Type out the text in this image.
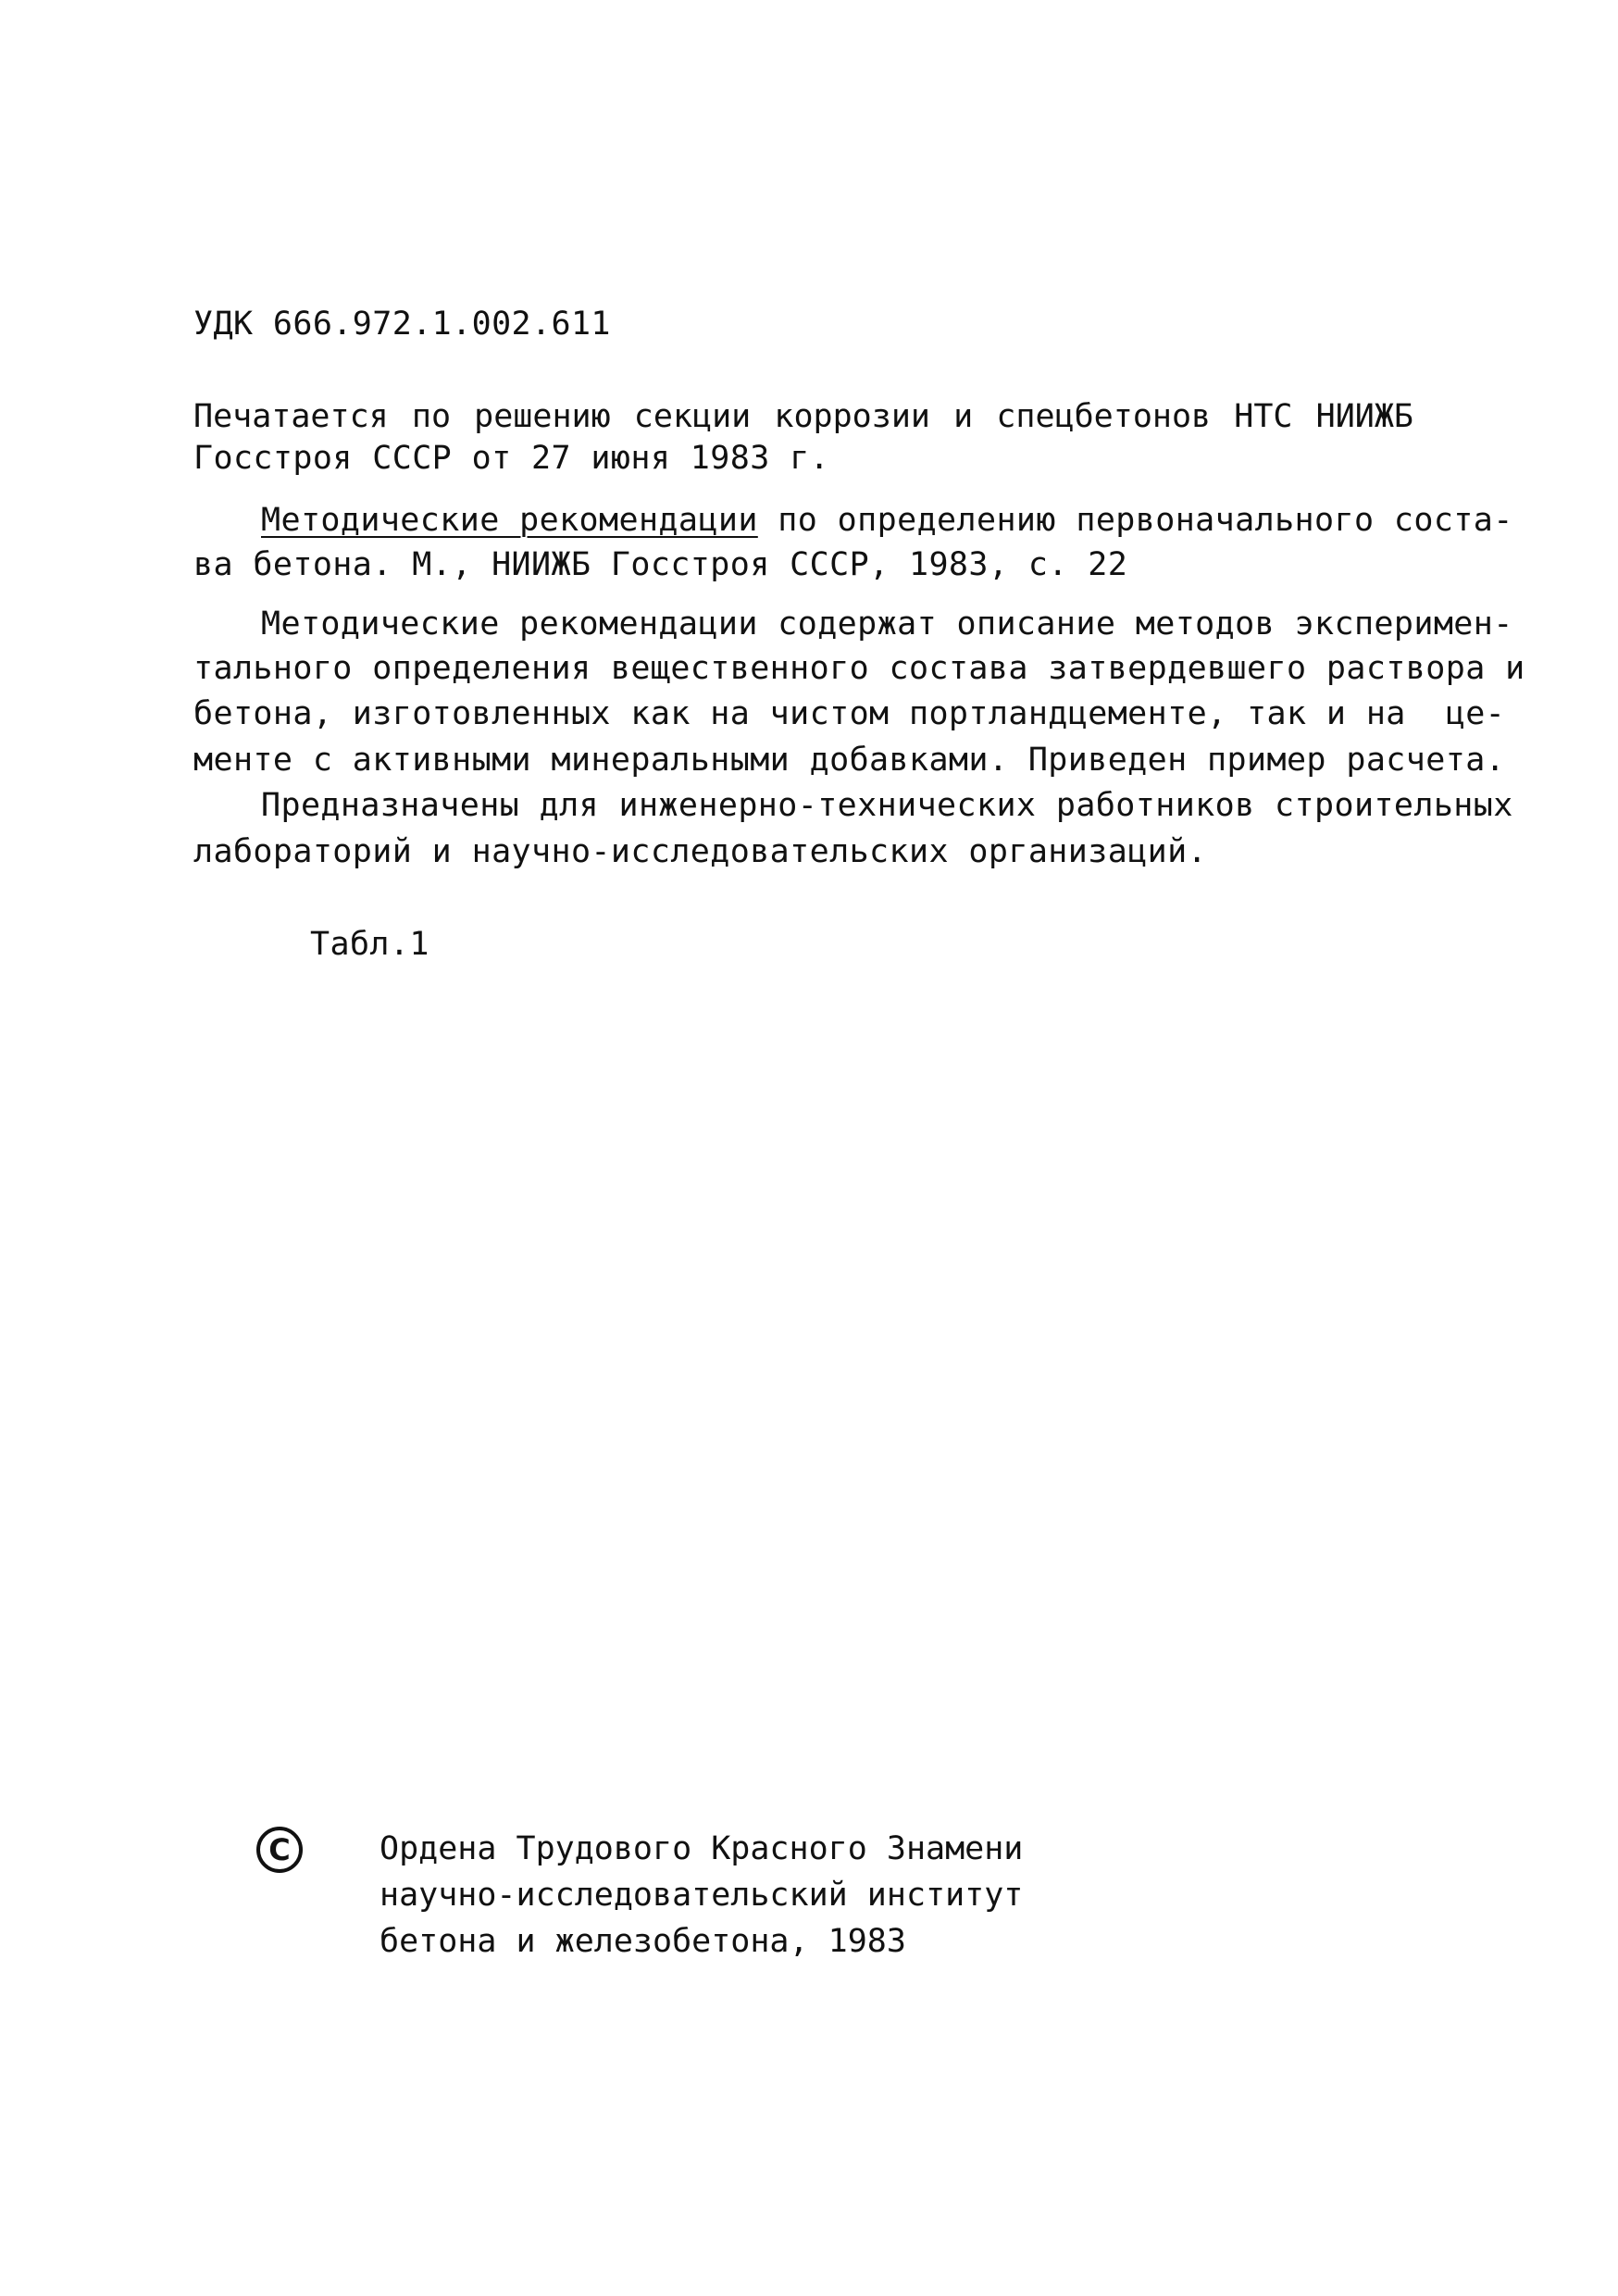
УДК 666.972.1.002.611
Печатается по решению секции коррозии и спецбетонов НТС НИИЖБ
Госстроя СССР от 27 июня 1983 г.
Методические рекомендации по определению первоначального соста-
ва бетона. М., НИИЖБ Госстроя СССР, 1983, с. 22
Методические рекомендации содержат описание методов эксперимен-
тального определения вещественного состава затвердевшего раствора и
бетона, изготовленных как на чистом портландцементе, так и на  це-
менте с активными минеральными добавками. Приведен пример расчета.
Предназначены для инженерно-технических работников строительных
лабораторий и научно-исследовательских организаций.
Табл.1
C	Ордена Трудового Красного Знамени
научно-исследовательский институт
бетона и железобетона, 1983
